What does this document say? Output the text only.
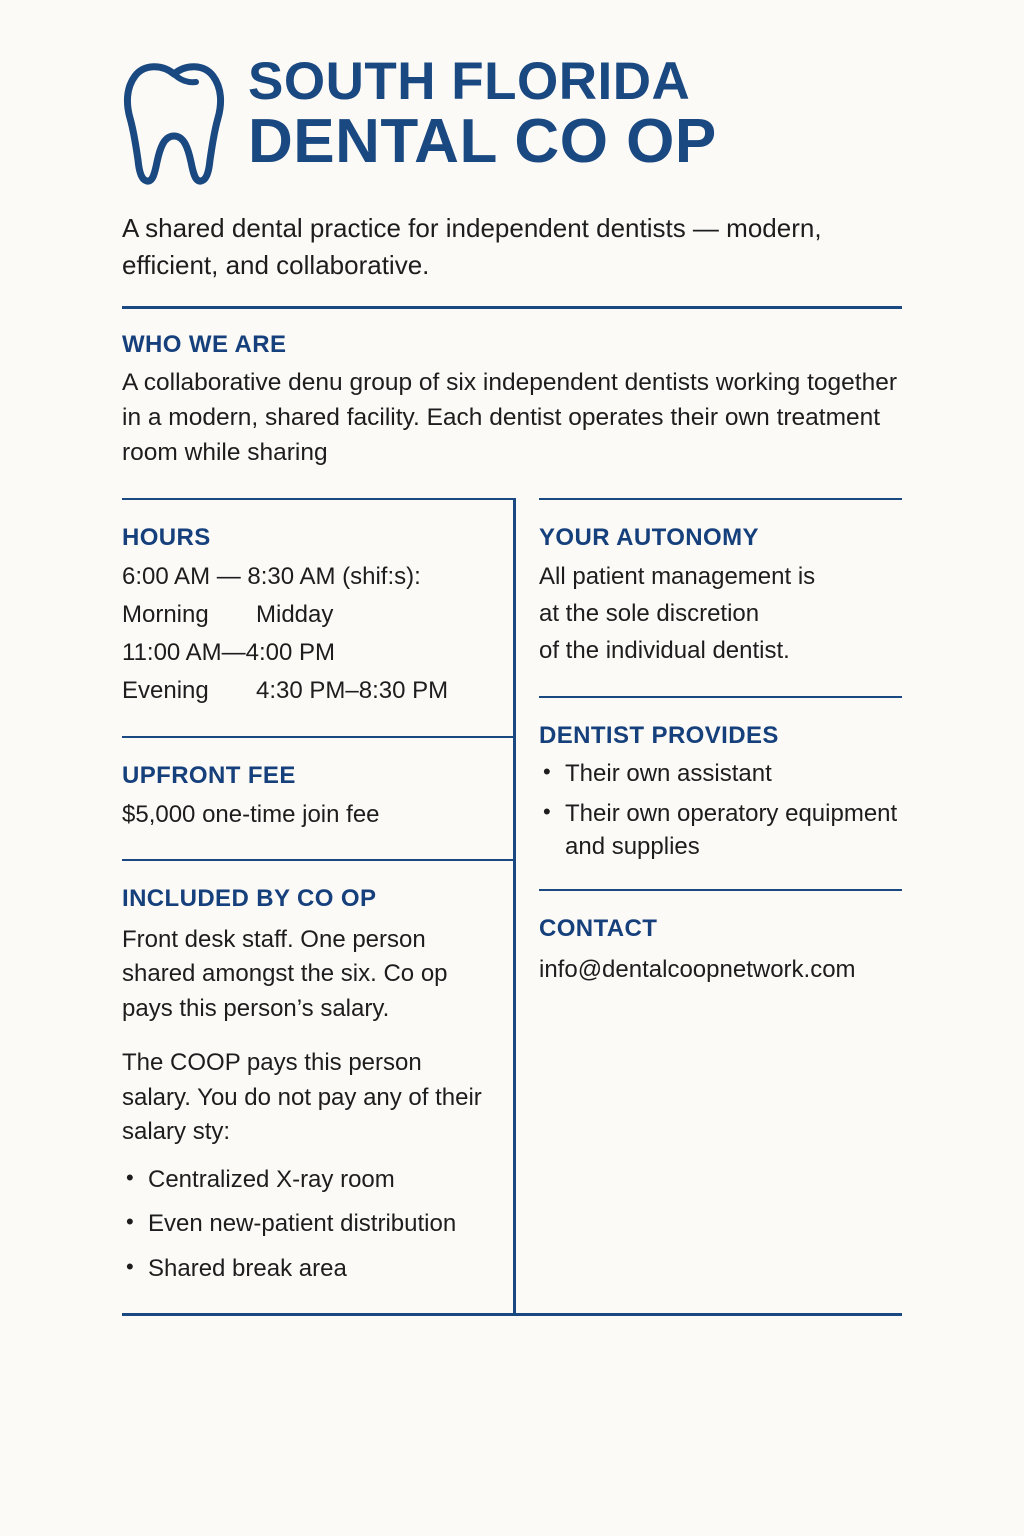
SOUTH FLORIDA
DENTAL CO OP
A shared dental practice for independent dentists — modern, efficient, and collaborative.
WHO WE ARE

A collaborative denu group of six independent dentists working together in a modern, shared facility. Each dentist operates their own treatment room while sharing

HOURS
6:00 AM — 8:30 AM (shif:s):
Morning Midday
11:00 AM—4:00 PM
Evening 4:30 PM–8:30 PM
UPFRONT FEE
$5,000 one-time join fee
INCLUDED BY CO OP

Front desk staff. One person shared amongst the six. Co op pays this person’s salary.

The COOP pays this person salary. You do not pay any of their salary sty:

• Centralized X-ray room
• Even new-patient distribution
• Shared break area
YOUR AUTONOMY
All patient management is
at the sole discretion
of the individual dentist.
DENTIST PROVIDES
• Their own assistant
• Their own operatory equipment and supplies
CONTACT
info@dentalcoopnetwork.com
